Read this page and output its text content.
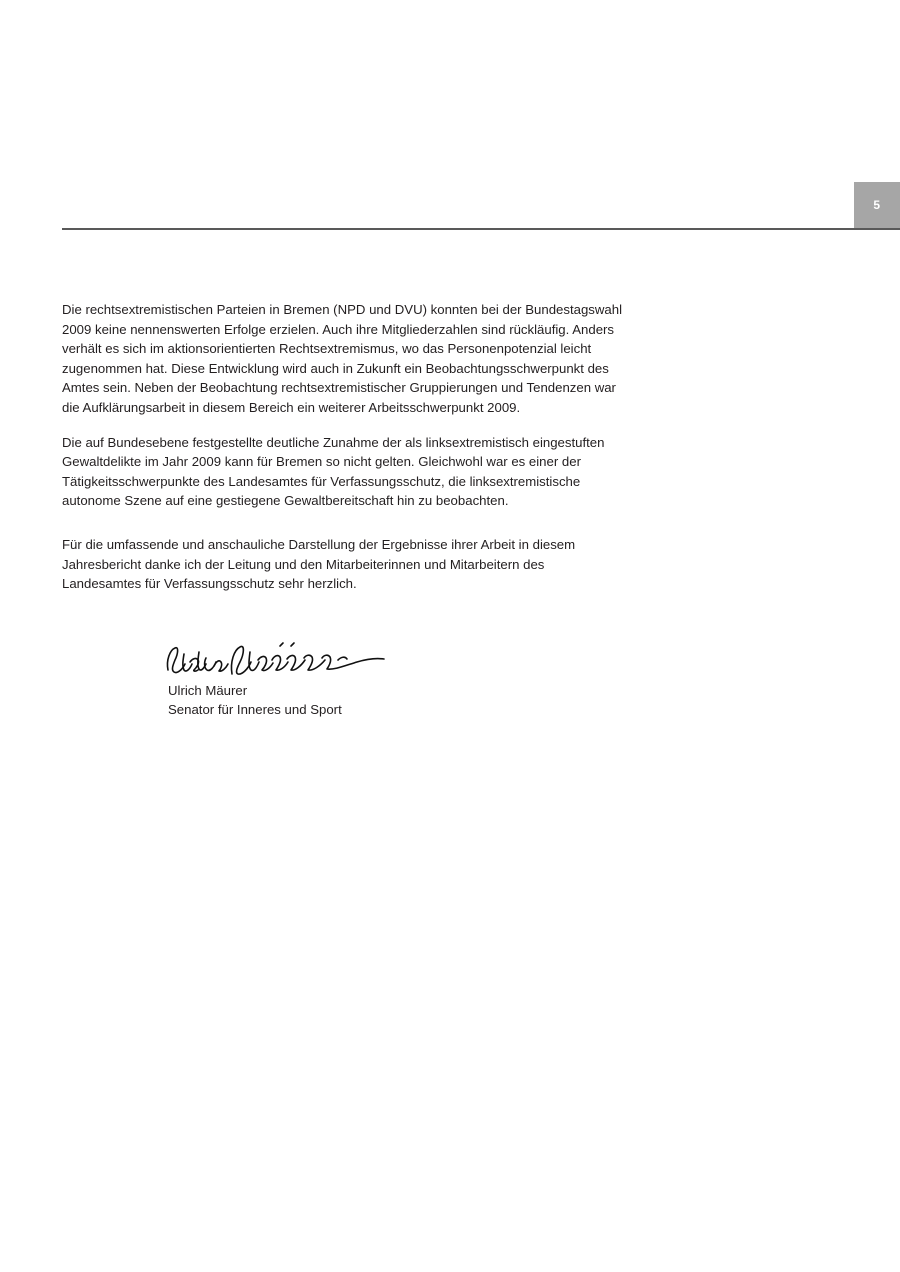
5

Die rechtsextremistischen Parteien in Bremen (NPD und DVU) konnten bei der Bundestagswahl 2009 keine nennenswerten Erfolge erzielen. Auch ihre Mitgliederzahlen sind rückläufig. Anders verhält es sich im aktionsorientierten Rechtsextremismus, wo das Personenpotenzial leicht zugenommen hat. Diese Entwicklung wird auch in Zukunft ein Beobachtungsschwerpunkt des Amtes sein. Neben der Beobachtung rechtsextremistischer Gruppierungen und Tendenzen war die Aufklärungsarbeit in diesem Bereich ein weiterer Arbeitsschwerpunkt 2009.

Die auf Bundesebene festgestellte deutliche Zunahme der als linksextremistisch eingestuften Gewaltdelikte im Jahr 2009 kann für Bremen so nicht gelten. Gleichwohl war es einer der Tätigkeitsschwerpunkte des Landesamtes für Verfassungsschutz, die linksextremistische autonome Szene auf eine gestiegene Gewaltbereitschaft hin zu beobachten.

Für die umfassende und anschauliche Darstellung der Ergebnisse ihrer Arbeit in diesem Jahresbericht danke ich der Leitung und den Mitarbeiterinnen und Mitarbeitern des Landesamtes für Verfassungsschutz sehr herzlich.

Ulrich Mäurer

Senator für Inneres und Sport
